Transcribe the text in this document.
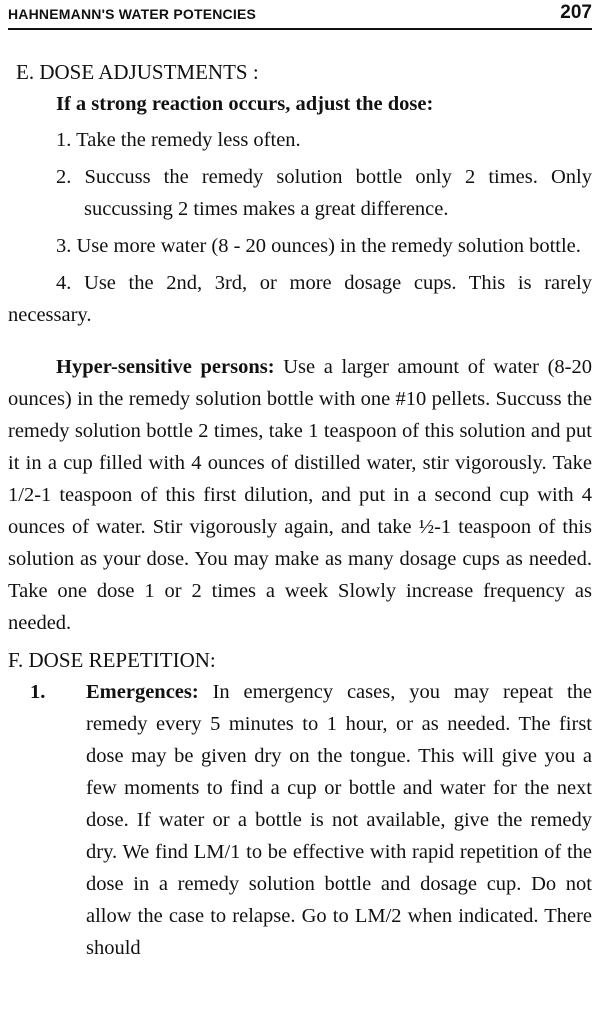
HAHNEMANN'S WATER POTENCIES	207

E. DOSE ADJUSTMENTS :

If a strong reaction occurs, adjust the dose:

1. Take the remedy less often.

2. Succuss the remedy solution bottle only 2 times. Only succussing 2 times makes a great difference.

3. Use more water (8 - 20 ounces) in the remedy solution bottle.

4. Use the 2nd, 3rd, or more dosage cups. This is rarely necessary.

Hyper-sensitive persons: Use a larger amount of water (8-20 ounces) in the remedy solution bottle with one #10 pellets. Succuss the remedy solution bottle 2 times, take 1 teaspoon of this solution and put it in a cup filled with 4 ounces of distilled water, stir vigorously. Take 1/2-1 teaspoon of this first dilution, and put in a second cup with 4 ounces of water. Stir vigorously again, and take ½-1 teaspoon of this solution as your dose. You may make as many dosage cups as needed. Take one dose 1 or 2 times a week Slowly increase frequency as needed.

F. DOSE REPETITION:

1.	Emergences: In emergency cases, you may repeat the remedy every 5 minutes to 1 hour, or as needed. The first dose may be given dry on the tongue. This will give you a few moments to find a cup or bottle and water for the next dose. If water or a bottle is not available, give the remedy dry. We find LM/1 to be effective with rapid repetition of the dose in a remedy solution bottle and dosage cup. Do not allow the case to relapse. Go to LM/2 when indicated. There should
